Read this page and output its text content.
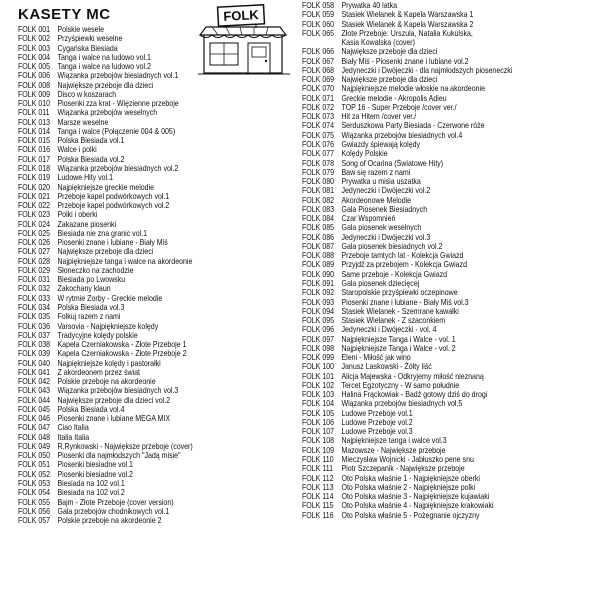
KASETY MC	FOLK
FOLK 001 Polskie wesele
FOLK 002 Przyśpiewki weselne
FOLK 003 Cygańska Biesiada
FOLK 004 Tanga i walce na ludowo vol.1
FOLK 005 Tanga i walce na ludowo vol.2
FOLK 006 Wiązanka przebojów biesiadnych vol.1
FOLK 008 Największe przeboje dla dzieci
FOLK 009 Disco w koszarach
FOLK 010 Piosenki zza krat - Więzienne przeboje
FOLK 011 Wiązanka przebojów weselnych
FOLK 013 Marsze weselne
FOLK 014 Tanga i walce (Połączenie 004 & 005)
FOLK 015 Polska Biesiada vol.1
FOLK 016 Walce i polki
FOLK 017 Polska Biesiada vol.2
FOLK 018 Wiązanka przebojów biesiadnych vol.2
FOLK 019 Ludowe Hity vol.1
FOLK 020 Najpiękniejsze greckie melodie
FOLK 021 Przeboje kapel podwórkowych vol.1
FOLK 022 Przeboje kapel podwórkowych vol.2
FOLK 023 Polki i oberki
FOLK 024 Zakazane piosenki
FOLK 025 Biesiada nie zna granic vol.1
FOLK 026 Piosenki znane i lubiane - Biały Miś
FOLK 027 Największe przeboje dla dzieci
FOLK 028 Najpiękniejsze tanga i walce na akordeonie
FOLK 029 Słoneczko na zachodzie
FOLK 031 Biesiada po Lwowsku
FOLK 032 Zakochany klaun
FOLK 033 W rytmie Zorby - Greckie melodie
FOLK 034 Polska Biesiada vol.3
FOLK 035 Folkuj razem z nami
FOLK 036 Varsovia - Najpiękniejsze kolędy
FOLK 037 Tradycyjne kolędy polskie
FOLK 038 Kapela Czerniakowska - Złote Przeboje 1
FOLK 039 Kapela Czerniakowska - Złote Przeboje 2
FOLK 040 Najpiękniejsze kolędy i pastorałki
FOLK 041 Z akordeonem przez świat
FOLK 042 Polskie przeboje na akordeonie
FOLK 043 Wiązanka przebojów biesiadnych vol.3
FOLK 044 Największe przeboje dla dzieci vol.2
FOLK 045 Polska Biesiada vol.4
FOLK 046 Piosenki znane i lubiane MEGA MIX
FOLK 047 Ciao Italia
FOLK 048 Italia Italia
FOLK 049 R.Rynkowski - Największe przeboje (cover)
FOLK 050 Piosenki dla najmłodszych "Jadą misie"
FOLK 051 Piosenki biesiadne vol.1
FOLK 052 Piosenki biesiadne vol.2
FOLK 053 Biesiada na 102 vol.1
FOLK 054 Biesiada na 102 vol.2
FOLK 055 Bajm - Złote Przeboje (cover version)
FOLK 056 Gala przebojów chodnikowych vol.1
FOLK 057 Polskie przeboje na akordeonie 2
FOLK 058 Prywatka 40 latka
FOLK 059 Stasiek Wielanek & Kapela Warszawska 1
FOLK 060 Stasiek Wielanek & Kapela Warszawska 2
FOLK 065 Złote Przeboje: Urszula, Natalia Kukulska,
Kasia Kowalska (cover)
FOLK 066 Największe przeboje dla dzieci
FOLK 067 Biały Miś - Piosenki znane i lubiane vol.2
FOLK 068 Jedyneczki i Dwójeczki - dla najmłodszych pioseneczki
FOLK 069 Największe przeboje dla dzieci
FOLK 070 Najpiękniejsze melodie włoskie na akordeonie
FOLK 071 Greckie melodie - Akropolis Adieu
FOLK 072 TOP 16 - Super Przeboje /cover ver./
FOLK 073 Hit za Hitem /cover ver./
FOLK 074 Serduszkowa Party Biesiada - Czerwone róże
FOLK 075 Wiązanka przebojów biesiadnych vol.4
FOLK 076 Gwiazdy śpiewają kolędy
FOLK 077 Kolędy Polskie
FOLK 078 Song of Ocarina (Światowe Hity)
FOLK 079 Baw się razem z nami
FOLK 080 Prywatka u misia uszatka
FOLK 081 Jedyneczki i Dwójeczki vol.2
FOLK 082 Akordeonowe Melodie
FOLK 083 Gala Piosenek Biesiadnych
FOLK 084 Czar Wspomnień
FOLK 085 Gala piosenek weselnych
FOLK 086 Jedyneczki i Dwójeczki vol.3
FOLK 087 Gala piosenek biesiadnych vol.2
FOLK 088 Przeboje tamtych lat - Kolekcja Gwiazd
FOLK 089 Przyjdź za przebojem - Kolekcja Gwiazd
FOLK 090 Same przeboje - Kolekcja Gwiazd
FOLK 091 Gala piosenek dziecięcej
FOLK 092 Staropolskie przyśpiewki oczepinowe
FOLK 093 Piosenki znane i lubiane - Biały Miś vol.3
FOLK 094 Stasiek Wielanek - Szemrane kawałki
FOLK 095 Stasiek Wielanek - Z szaconkiem
FOLK 096 Jedyneczki i Dwójeczki - vol. 4
FOLK 097 Najpiękniejsze Tanga i Walce - vol. 1
FOLK 098 Najpiękniejsze Tanga i Walce - vol. 2
FOLK 099 Eleni - Miłość jak wino
FOLK 100 Janusz Laskowski - Żółty liść
FOLK 101 Alicja Majewska - Odkryjemy miłość nieznaną
FOLK 102 Tercet Egzotyczny - W samo południe
FOLK 103 Halina Frąckowiak - Badź gotowy dziś do drogi
FOLK 104 Wiązanka przebojów biesiadnych vol.5
FOLK 105 Ludowe Przeboje vol.1
FOLK 106 Ludowe Przeboje vol.2
FOLK 107 Ludowe Przeboje vol.3
FOLK 108 Najpiękniejsze tanga i walce vol.3
FOLK 109 Mazowsze - Największe przeboje
FOLK 110 Mieczysław Wojnicki - Jabłuszko pene snu
FOLK 111 Piotr Szczepanik - Największe przeboje
FOLK 112 Oto Polska właśnie 1 - Najpiękniejsze oberki
FOLK 113 Oto Polska właśnie 2 - Najpiękniejsze polki
FOLK 114 Oto Polska właśnie 3 - Najpiękniejsze kujawiaki
FOLK 115 Oto Polska właśnie 4 - Najpiękniejsze krakowiaki
FOLK 116 Oto Polska właśnie 5 - Pożegnanie ojczyzny
